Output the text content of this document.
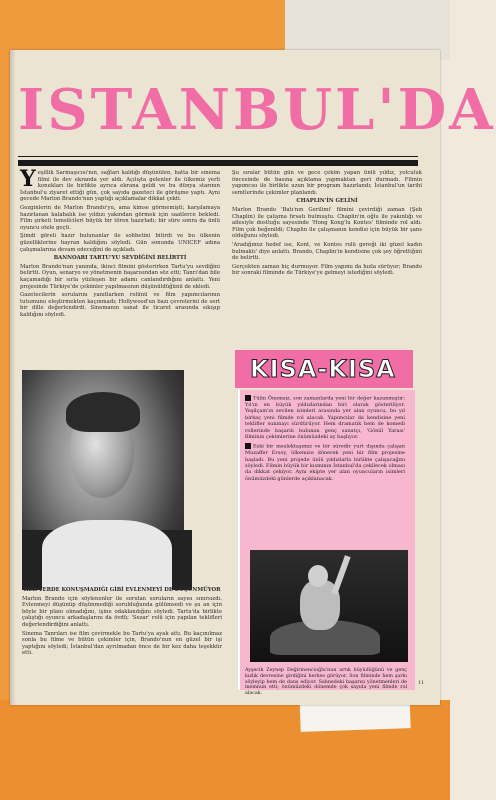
ISTANBUL'DA

Yeşillik Sarmaşıcısı'nın, sağları kaldığı düşünülen, hatta bir sinema filmi ile dev ekranda yer aldı. Açılışta gelenler ile ülkemiz yerli konukları ile birlikte ayrıca ekrana geldi ve bu dünya starının İstanbul'u ziyaret ettiği gün, çok sayıda gazeteci ile görüşme yaptı. Aynı gecede Marlon Brando'nun yaptığı açıklamalar dikkat çekti.

Gezginlerin de Marlon Brando'yu, ama kimse görmemişti; karşılamaya hazırlanan kalabalık ise yıldızı yakından görmek için saatlerce bekledi. Film şirketi temsilcileri büyük bir tören hazırladı; bir süre sonra da ünlü oyuncu otele geçti.

Şimdi göreli hazır bulunanlar ile sohbetini bitirdi ve bu ülkenin güzelliklerine hayran kaldığını söyledi. Gün sonunda UNICEF adına çalışmalarına devam edeceğini de açıkladı.

BANNOARI TARTU'YU SEVDİĞİNİ BELİRTTİ

Marlon Brando'nun yanında, ikinci filmini gösterirken Tartu'yu sevdiğini belirtti. Oyun, senaryo ve yönetmenin başarısından söz etti; Tanrı'dan bile kaçamadığı bir sırla yüzleşen bir adamı canlandırdığını anlattı. Yeni projesinde Türkiye'de çekimler yapılmasının düşünüldüğünü de ekledi.

Gazetecilerin sorularını yanıtlarken rolünü ve film yapımcılarının tutumunu eleştirmekten kaçınmadı; Hollywood'un bazı çevrelerini de sert bir dille değerlendirdi. Sinemanın sanat ile ticaret arasında sıkışıp kaldığını söyledi.

HER YERDE KONUŞMADIĞI GİBİ EVLENMEYİ DE DÜŞÜNMÜYOR

Marlon Brando için söylenenler ile sorulan soruların sayısı sınırsızdı. Evlenmeyi düşünüp düşünmediği sorulduğunda gülümsedi ve şu an için böyle bir planı olmadığını, işine odaklandığını söyledi. Tartu'da birlikte çalıştığı oyuncu arkadaşlarını da övdü; 'Sezar' rolü için yapılan teklifleri değerlendirdiğini anlattı.

Sinema Tanrıları ise film çevirmekle bu Tartu'ya ayak attı. Bu kaçınılmaz sonla bu filme ve bütün çekimler için, Brando'nun en güzel bir işi yaptığını söyledi; İstanbul'dan ayrılmadan önce de bir kez daha teşekkür etti.

Şu sıralar bütün gün ve gece çekim yapan ünlü yıldız, yolculuk öncesinde de basına açıklama yapmaktan geri durmadı. Filmin yapımcısı ile birlikte uzun bir program hazırlandı; İstanbul'un tarihi semtlerinde çekimler planlandı.

CHAPLIN'İN GELİNİ

Marlon Brando 'Batı'nın Gerilimi' filmini çevirdiği zaman (Şeb Chaplin) ile çalışma fırsatı bulmuştu. Chaplin'in oğlu ile yakınlığı ve ailesiyle dostluğu sayesinde 'Hong Kong'lu Kontes' filminde rol aldı. Film çok beğenildi; Chaplin ile çalışmanın kendisi için büyük bir şans olduğunu söyledi.

'Aradığımız hedef ise, Kont, ve Kontes rolü gereği iki güzel kadın bulmaktı' diye anlattı. Brando, Chaplin'in kendisine çok şey öğrettiğini de belirtti.

Gerçekten zaman hiç durmuyor. Film yapımı da hızla sürüyor; Brando bir sonraki filminde de Türkiye'ye gelmeyi istediğini söyledi.

KISA-KISA

Tülin Önemsiz, son zamanlarda yeni bir değer kazanmıştır; Yıl'ın en büyük yıldızlarından biri olarak gösteriliyor. Yeşilçam'ın sevilen isimleri arasında yer alan oyuncu, bu yıl birkaç yeni filmde rol alacak. Yapımcılar da kendisine yeni teklifler sunmayı sürdürüyor. Hem dramatik hem de komedi rollerinde başarılı bulunan genç sanatçı, 'Gönül Yarası' filminin çekimlerine önümüzdeki ay başlıyor.

Eski bir meslektaşımız ve bir süredir yurt dışında çalışan Muzaffer Ersoy, ülkemize dönerek yeni bir film projesine başladı. Bu yeni projede ünlü yıldızlarla birlikte çalışacağını söyledi. Filmin büyük bir kısmının İstanbul'da çekilecek olması da dikkat çekiyor. Aynı ekipte yer alan oyuncuların isimleri önümüzdeki günlerde açıklanacak.

Ayşecik Zeynep Değirmencioğlu'nun artık büyüdüğünü ve genç kızlık devresine girdiğini herkes görüyor. Son filminde hem şarkı söyleyip hem de dans ediyor. Sahnedeki başarısı yönetmenleri de memnun etti; önümüzdeki dönemde çok sayıda yeni filmde rol alacak.
11
